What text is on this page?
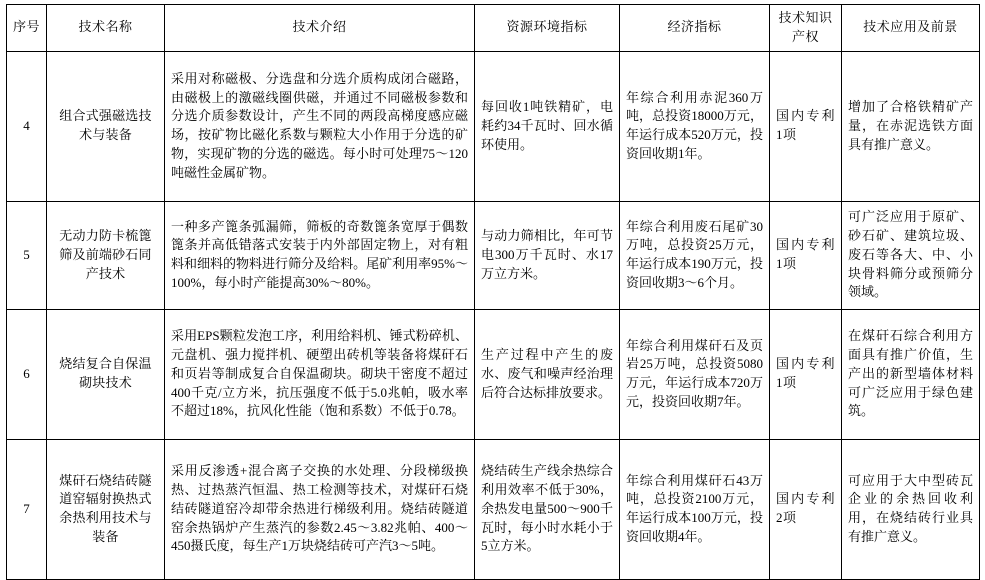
序号	技术名称	技术介绍	资源环境指标	经济指标	技术知识产权	技术应用及前景
4	组合式强磁选技术与装备	采用对称磁极、分选盘和分选介质构成闭合磁路，由磁极上的激磁线圈供磁，并通过不同磁极参数和分选介质参数设计，产生不同的两段高梯度感应磁场，按矿物比磁化系数与颗粒大小作用于分选的矿物，实现矿物的分选的磁选。每小时可处理75～120吨磁性金属矿物。	每回收1吨铁精矿，电耗约34千瓦时、回水循环使用。	年综合利用赤泥360万吨，总投资18000万元，年运行成本520万元，投资回收期1年。	国内专利1项	增加了合格铁精矿产量，在赤泥选铁方面具有推广意义。
5	无动力防卡梳篦筛及前端砂石同产技术	一种多产篦条弧漏筛，筛板的奇数篦条宽厚于偶数篦条并高低错落式安装于内外部固定物上，对有粗料和细料的物料进行筛分及给料。尾矿利用率95%～100%，每小时产能提高30%～80%。	与动力筛相比，年可节电300万千瓦时、水17万立方米。	年综合利用废石尾矿30万吨，总投资25万元，年运行成本190万元，投资回收期3～6个月。	国内专利1项	可广泛应用于原矿、砂石矿、建筑垃圾、废石等各大、中、小块骨料筛分或预筛分领域。
6	烧结复合自保温砌块技术	采用EPS颗粒发泡工序，利用给料机、锤式粉碎机、元盘机、强力搅拌机、硬塑出砖机等装备将煤矸石和页岩等制成复合自保温砌块。砌块干密度不超过400千克/立方米，抗压强度不低于5.0兆帕，吸水率不超过18%，抗风化性能（饱和系数）不低于0.78。	生产过程中产生的废水、废气和噪声经治理后符合达标排放要求。	年综合利用煤矸石及页岩25万吨，总投资5080万元，年运行成本720万元，投资回收期7年。	国内专利1项	在煤矸石综合利用方面具有推广价值，生产出的新型墙体材料可广泛应用于绿色建筑。
7	煤矸石烧结砖隧道窑辐射换热式余热利用技术与装备	采用反渗透+混合离子交换的水处理、分段梯级换热、过热蒸汽恒温、热工检测等技术，对煤矸石烧结砖隧道窑冷却带余热进行梯级利用。烧结砖隧道窑余热锅炉产生蒸汽的参数2.45～3.82兆帕、400～450摄氏度，每生产1万块烧结砖可产汽3～5吨。	烧结砖生产线余热综合利用效率不低于30%，余热发电量500～900千瓦时，每小时水耗小于5立方米。	年综合利用煤矸石43万吨，总投资2100万元，年运行成本100万元，投资回收期4年。	国内专利2项	可应用于大中型砖瓦企业的余热回收利用，在烧结砖行业具有推广意义。
